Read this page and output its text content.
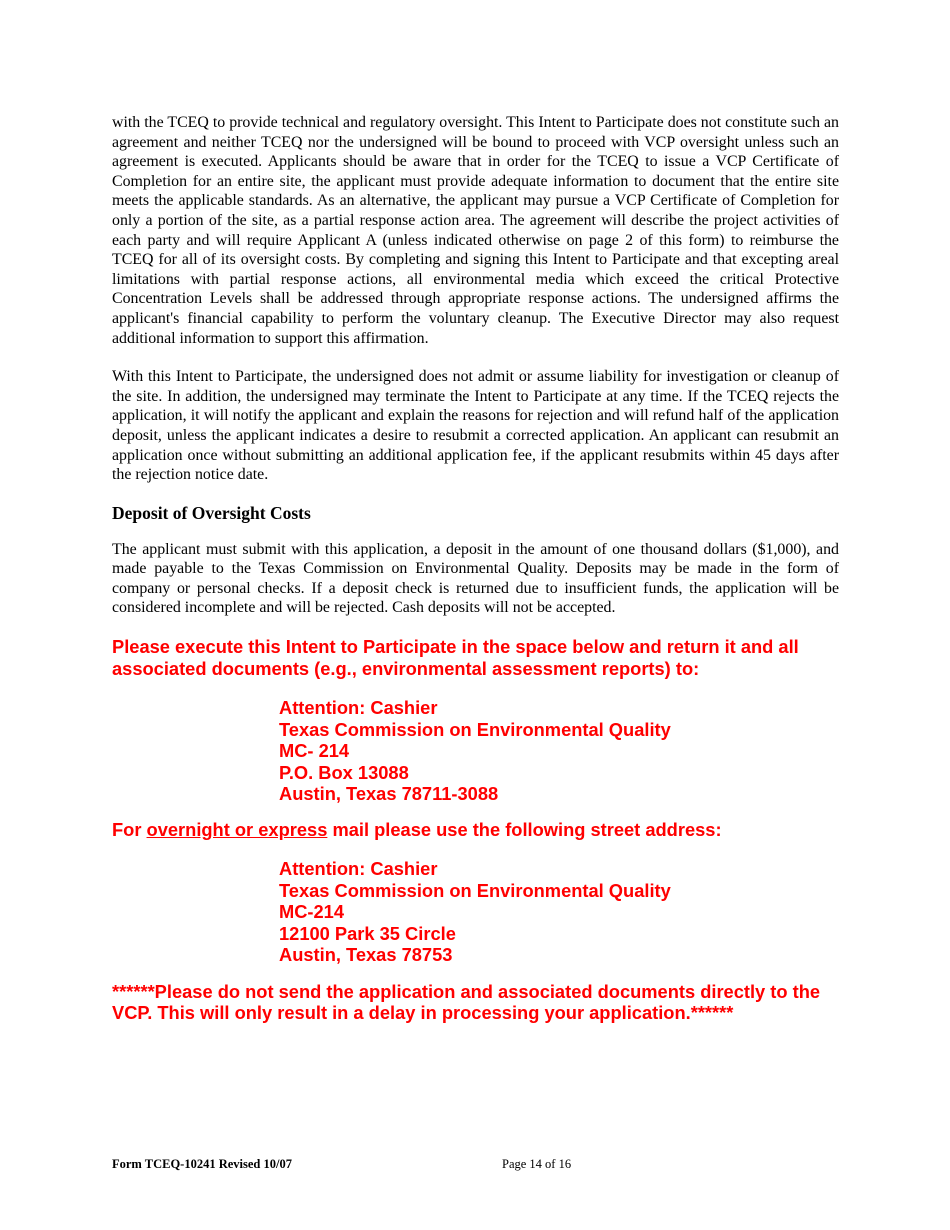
with the TCEQ to provide technical and regulatory oversight. This Intent to Participate does not constitute such an agreement and neither TCEQ nor the undersigned will be bound to proceed with VCP oversight unless such an agreement is executed. Applicants should be aware that in order for the TCEQ to issue a VCP Certificate of Completion for an entire site, the applicant must provide adequate information to document that the entire site meets the applicable standards. As an alternative, the applicant may pursue a VCP Certificate of Completion for only a portion of the site, as a partial response action area. The agreement will describe the project activities of each party and will require Applicant A (unless indicated otherwise on page 2 of this form) to reimburse the TCEQ for all of its oversight costs. By completing and signing this Intent to Participate and that excepting areal limitations with partial response actions, all environmental media which exceed the critical Protective Concentration Levels shall be addressed through appropriate response actions. The undersigned affirms the applicant's financial capability to perform the voluntary cleanup. The Executive Director may also request additional information to support this affirmation.

With this Intent to Participate, the undersigned does not admit or assume liability for investigation or cleanup of the site. In addition, the undersigned may terminate the Intent to Participate at any time. If the TCEQ rejects the application, it will notify the applicant and explain the reasons for rejection and will refund half of the application deposit, unless the applicant indicates a desire to resubmit a corrected application. An applicant can resubmit an application once without submitting an additional application fee, if the applicant resubmits within 45 days after the rejection notice date.

Deposit of Oversight Costs

The applicant must submit with this application, a deposit in the amount of one thousand dollars ($1,000), and made payable to the Texas Commission on Environmental Quality. Deposits may be made in the form of company or personal checks. If a deposit check is returned due to insufficient funds, the application will be considered incomplete and will be rejected. Cash deposits will not be accepted.

Please execute this Intent to Participate in the space below and return it and all associated documents (e.g., environmental assessment reports) to:

Attention: Cashier
Texas Commission on Environmental Quality
MC- 214
P.O. Box 13088
Austin, Texas 78711-3088

For overnight or express mail please use the following street address:

Attention: Cashier
Texas Commission on Environmental Quality
MC-214
12100 Park 35 Circle
Austin, Texas 78753

******Please do not send the application and associated documents directly to the VCP. This will only result in a delay in processing your application.******

Form TCEQ-10241 Revised 10/07	Page 14 of 16
